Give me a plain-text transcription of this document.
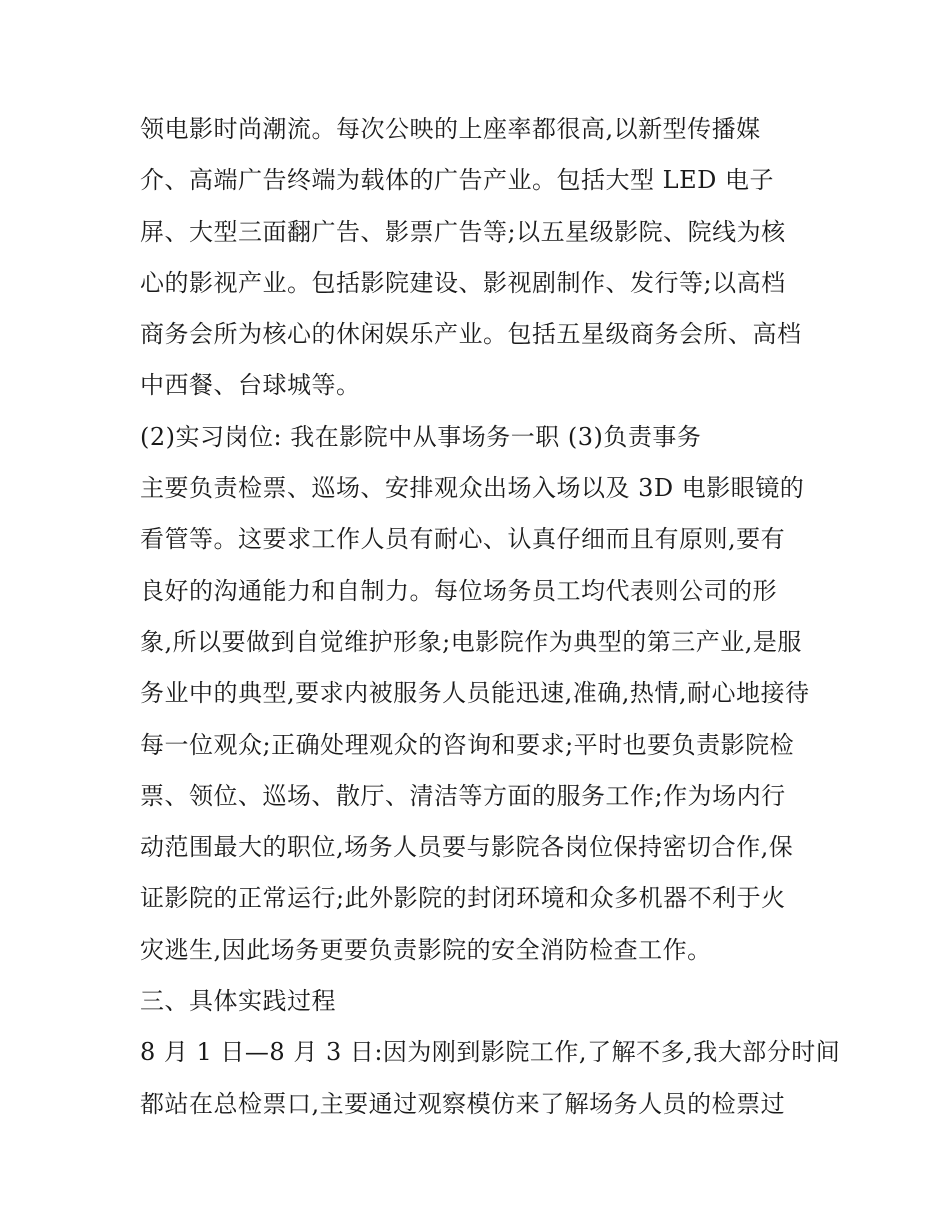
领电影时尚潮流。每次公映的上座率都很高,以新型传播媒
介、高端广告终端为载体的广告产业。包括大型 LED 电子
屏、大型三面翻广告、影票广告等;以五星级影院、院线为核
心的影视产业。包括影院建设、影视剧制作、发行等;以高档
商务会所为核心的休闲娱乐产业。包括五星级商务会所、高档
中西餐、台球城等。
(2)实习岗位: 我在影院中从事场务一职 (3)负责事务
主要负责检票、巡场、安排观众出场入场以及 3D 电影眼镜的
看管等。这要求工作人员有耐心、认真仔细而且有原则,要有
良好的沟通能力和自制力。每位场务员工均代表则公司的形
象,所以要做到自觉维护形象;电影院作为典型的第三产业,是服
务业中的典型,要求内被服务人员能迅速,准确,热情,耐心地接待
每一位观众;正确处理观众的咨询和要求;平时也要负责影院检
票、领位、巡场、散厅、清洁等方面的服务工作;作为场内行
动范围最大的职位,场务人员要与影院各岗位保持密切合作,保
证影院的正常运行;此外影院的封闭环境和众多机器不利于火
灾逃生,因此场务更要负责影院的安全消防检查工作。
三、具体实践过程
8 月 1 日—8 月 3 日:因为刚到影院工作,了解不多,我大部分时间
都站在总检票口,主要通过观察模仿来了解场务人员的检票过
